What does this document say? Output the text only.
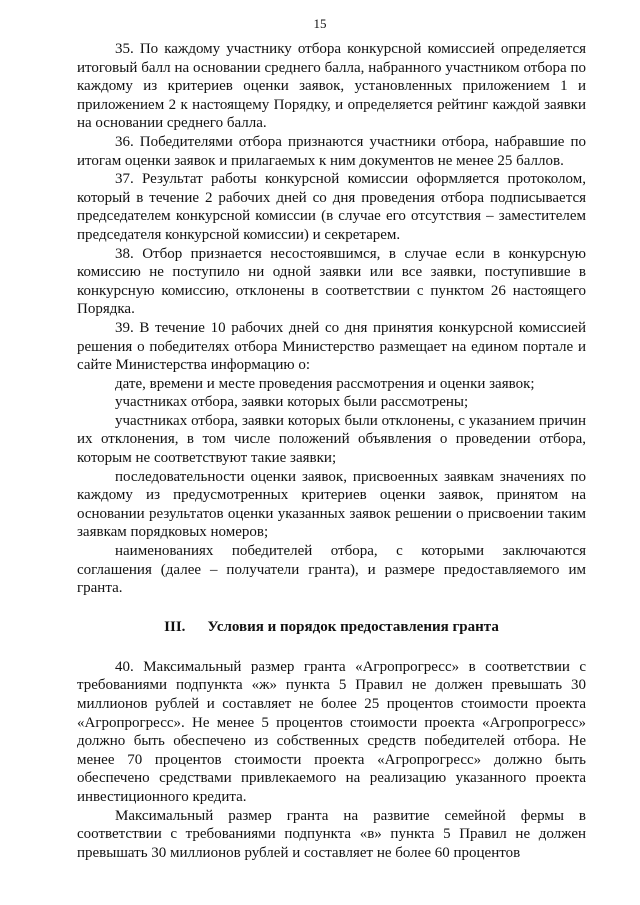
15

35. По каждому участнику отбора конкурсной комиссией определяется итоговый балл на основании среднего балла, набранного участником отбора по каждому из критериев оценки заявок, установленных приложением 1 и приложением 2 к настоящему Порядку, и определяется рейтинг каждой заявки на основании среднего балла.

36. Победителями отбора признаются участники отбора, набравшие по итогам оценки заявок и прилагаемых к ним документов не менее 25 баллов.

37. Результат работы конкурсной комиссии оформляется протоколом, который в течение 2 рабочих дней со дня проведения отбора подписывается председателем конкурсной комиссии (в случае его отсутствия – заместителем председателя конкурсной комиссии) и секретарем.

38. Отбор признается несостоявшимся, в случае если в конкурсную комиссию не поступило ни одной заявки или все заявки, поступившие в конкурсную комиссию, отклонены в соответствии с пунктом 26 настоящего Порядка.

39. В течение 10 рабочих дней со дня принятия конкурсной комиссией решения о победителях отбора Министерство размещает на едином портале и сайте Министерства информацию о:

дате, времени и месте проведения рассмотрения и оценки заявок;

участниках отбора, заявки которых были рассмотрены;

участниках отбора, заявки которых были отклонены, с указанием причин их отклонения, в том числе положений объявления о проведении отбора, которым не соответствуют такие заявки;

последовательности оценки заявок, присвоенных заявкам значениях по каждому из предусмотренных критериев оценки заявок, принятом на основании результатов оценки указанных заявок решении о присвоении таким заявкам порядковых номеров;

наименованиях победителей отбора, с которыми заключаются соглашения (далее – получатели гранта), и размере предоставляемого им гранта.

III. Условия и порядок предоставления гранта

40. Максимальный размер гранта «Агропрогресс» в соответствии с требованиями подпункта «ж» пункта 5 Правил не должен превышать 30 миллионов рублей и составляет не более 25 процентов стоимости проекта «Агропрогресс». Не менее 5 процентов стоимости проекта «Агропрогресс» должно быть обеспечено из собственных средств победителей отбора. Не менее 70 процентов стоимости проекта «Агропрогресс» должно быть обеспечено средствами привлекаемого на реализацию указанного проекта инвестиционного кредита.

Максимальный размер гранта на развитие семейной фермы в соответствии с требованиями подпункта «в» пункта 5 Правил не должен превышать 30 миллионов рублей и составляет не более 60 процентов
